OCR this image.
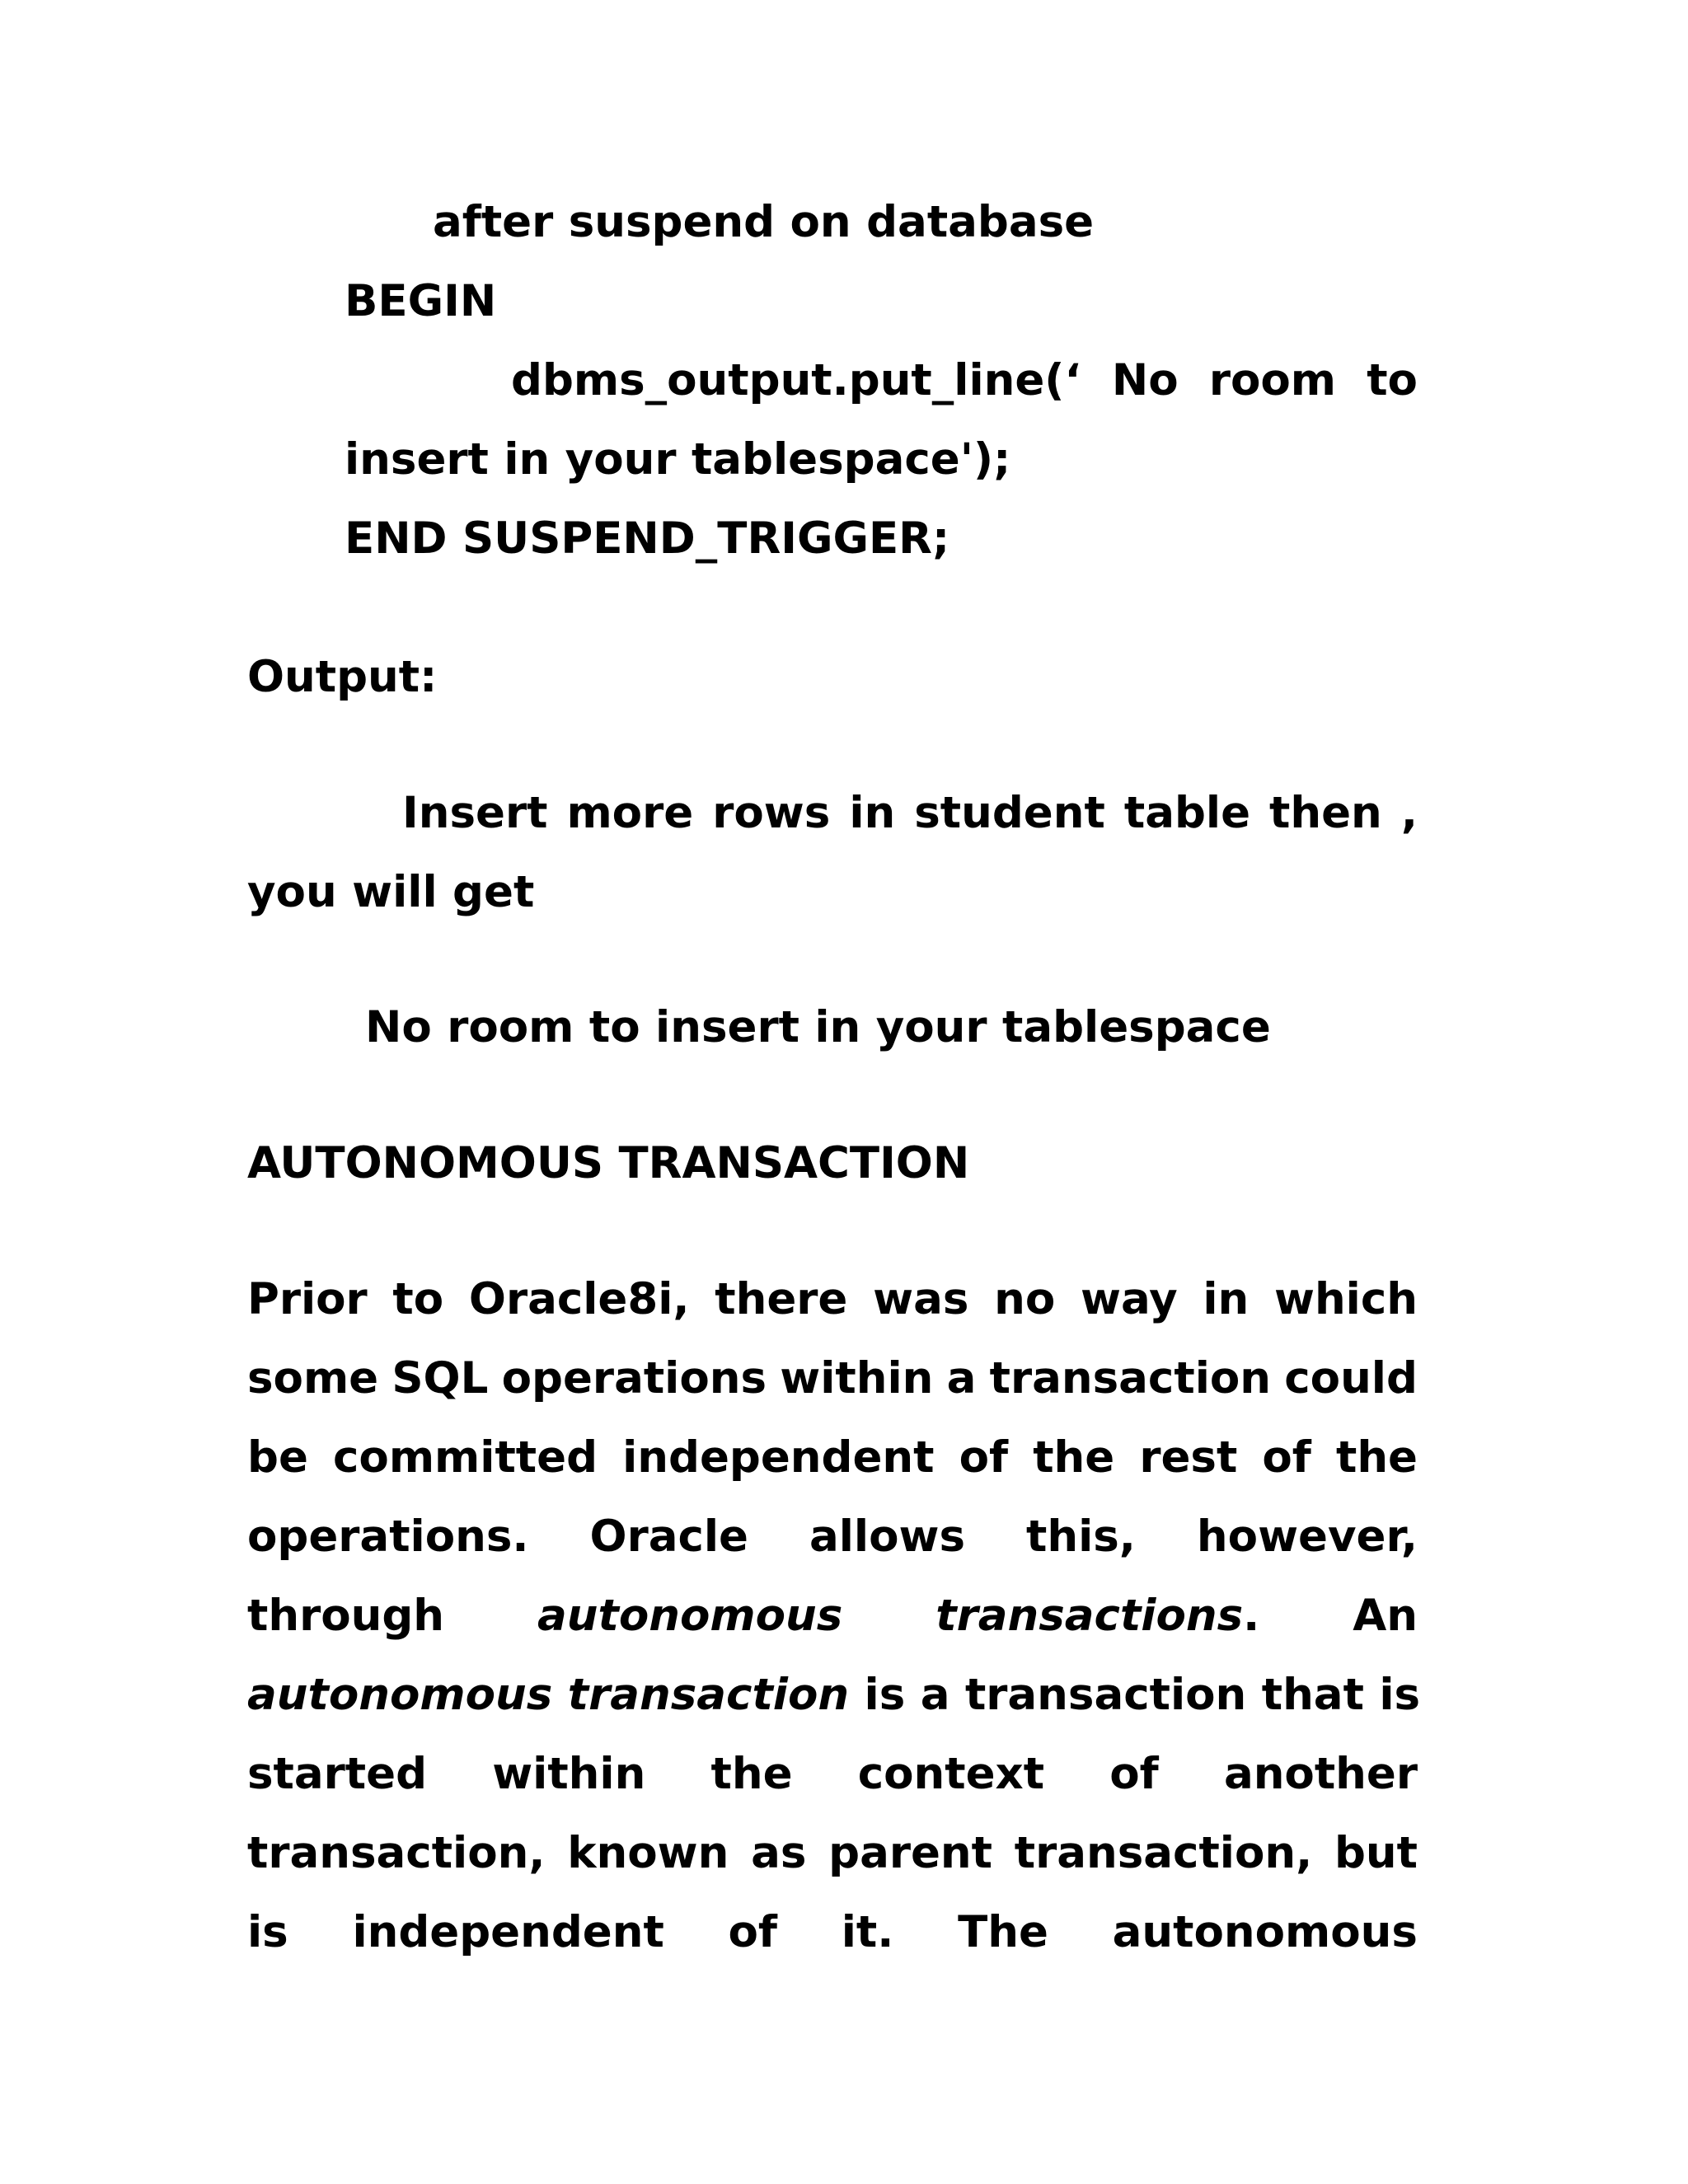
after suspend on database
BEGIN
dbms_output.put_line(‘ No room to
insert in your tablespace');
END SUSPEND_TRIGGER;
Output:
Insert more rows in student table then ,
you will get
No room to insert in your tablespace
AUTONOMOUS TRANSACTION
Prior to Oracle8i, there was no way in which
some SQL operations within a transaction could
be committed independent of the rest of the
operations. Oracle allows this, however,
through autonomous transactions. An
autonomous transaction is a transaction that is
started within the context of another
transaction, known as parent transaction, but
is independent of it. The autonomous
